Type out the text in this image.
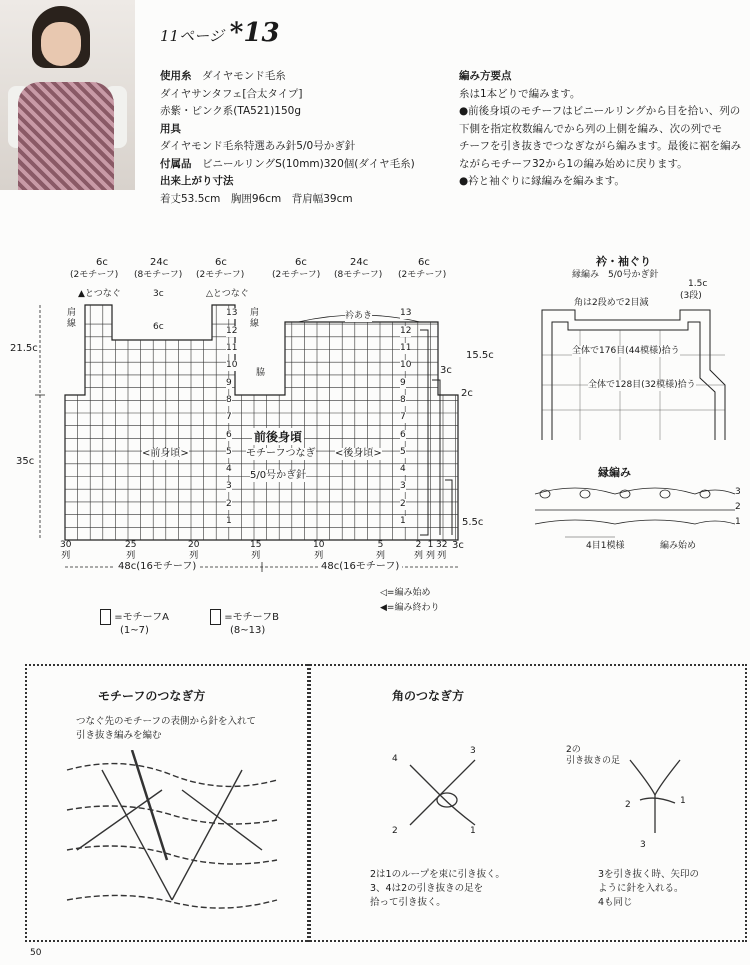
11ページ *13
使用糸　 ダイヤモンド毛糸
ダイヤサンタフェ[合太タイプ]
赤紫・ピンク系(TA521)150g
用具
ダイヤモンド毛糸特選あみ針5/0号かぎ針
付属品　 ビニールリングS(10mm)320個(ダイヤ毛糸)
出来上がり寸法
着丈53.5cm　胸囲96cm　背肩幅39cm

編み方要点

糸は1本どりで編みます。

●前後身頃のモチーフはビニールリングから目を拾い、列の

下側を指定枚数編んでから列の上側を編み、次の列でモ

チーフを引き抜きでつなぎながら編みます。最後に裾を編み

ながらモチーフ32から1の編み始めに戻ります。

●衿と袖ぐりに縁編みを編みます。

6c	24c	6c	6c	24c	6c
(2モチーフ) (8モチーフ) (2モチーフ)	(2モチーフ) (8モチーフ) (2モチーフ)
▲とつなぐ	△とつなぐ
3c
6c
肩線
肩線
衿あき
21.5c
35c
15.5c
3c
2c
5.5c
3c
脇
前後身頃
<前身頃>	<後身頃>
モチーフつなぎ
5/0号かぎ針
13	13
12	12
11	11
10	10
9	9
8	8
7	7
6	6
5	5
4	4
3	3
2	2
1	1
30
列
25
列
20
列
15
列
10
列
5
列
2
列
1
列
32
列
48c(16モチーフ)	48c(16モチーフ)
◁=編み始め
◀=編み終わり
=モチーフA
(1~7)
=モチーフB
(8~13)
衿・袖ぐり
縁編み　5/0号かぎ針
1.5c
(3段)
角は2段めで2目減
全体で176目(44模様)拾う
全体で128目(32模様)拾う
縁編み
3
2
1
4目1模様	編み始め
モチーフのつなぎ方
つなぐ先のモチーフの表側から針を入れて
引き抜き編みを編む
角のつなぎ方
4
3
2	1
2は1のループを束に引き抜く。
3、4は2の引き抜きの足を
拾って引き抜く。
2の
引き抜きの足
1
2
3
3を引き抜く時、矢印の
ように針を入れる。
4も同じ
50
